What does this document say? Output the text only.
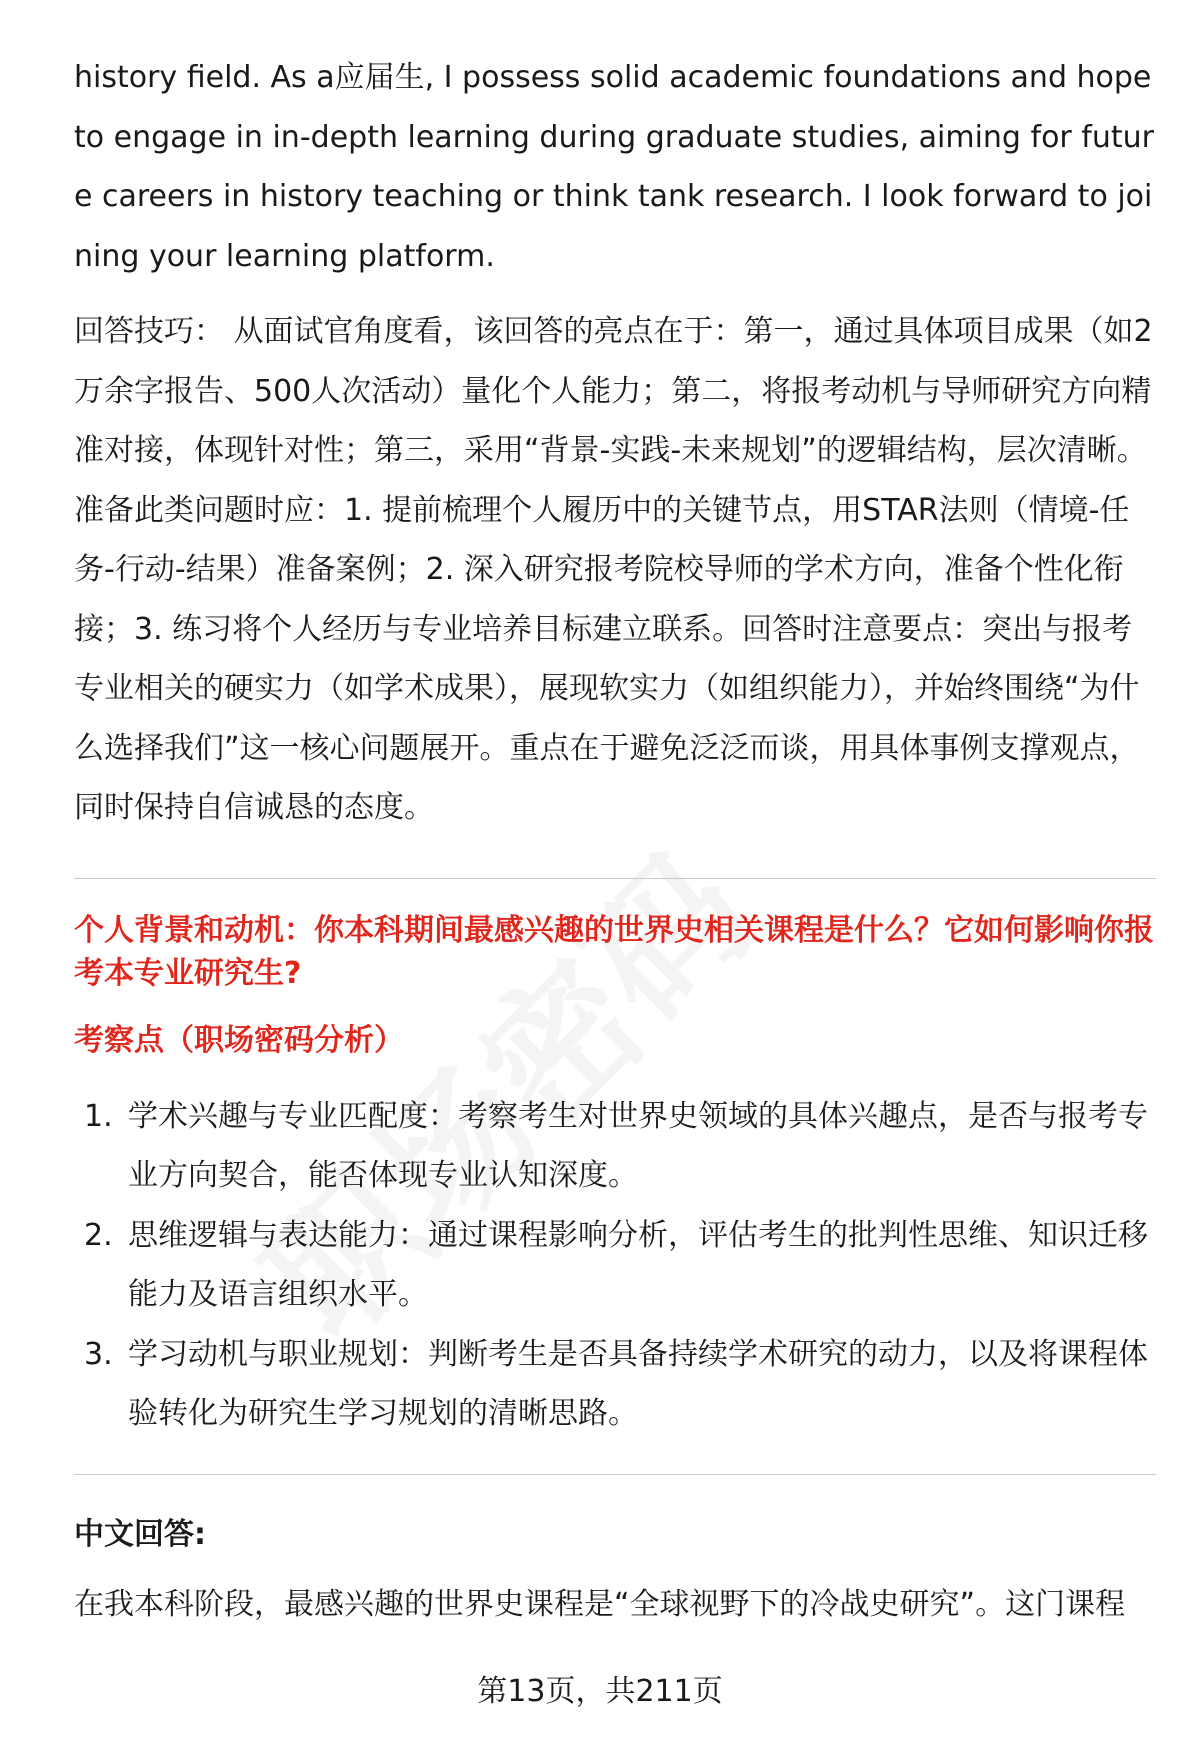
history field. As a应届生, I possess solid academic foundations and hope to engage in in-depth learning during graduate studies, aiming for future careers in history teaching or think tank research. I look forward to joining your learning platform.

回答技巧： 从面试官角度看，该回答的亮点在于：第一，通过具体项目成果（如2万余字报告、500人次活动）量化个人能力；第二，将报考动机与导师研究方向精准对接，体现针对性；第三，采用“背景-实践-未来规划”的逻辑结构，层次清晰。准备此类问题时应：1. 提前梳理个人履历中的关键节点，用STAR法则（情境-任务-行动-结果）准备案例；2. 深入研究报考院校导师的学术方向，准备个性化衔接；3. 练习将个人经历与专业培养目标建立联系。回答时注意要点：突出与报考专业相关的硬实力（如学术成果），展现软实力（如组织能力），并始终围绕“为什么选择我们”这一核心问题展开。重点在于避免泛泛而谈，用具体事例支撑观点，同时保持自信诚恳的态度。

个人背景和动机：你本科期间最感兴趣的世界史相关课程是什么？它如何影响你报考本专业研究生?
考察点（职场密码分析）
1. 学术兴趣与专业匹配度：考察考生对世界史领域的具体兴趣点，是否与报考专业方向契合，能否体现专业认知深度。
2. 思维逻辑与表达能力：通过课程影响分析，评估考生的批判性思维、知识迁移能力及语言组织水平。
3. 学习动机与职业规划：判断考生是否具备持续学术研究的动力，以及将课程体验转化为研究生学习规划的清晰思路。
中文回答:

在我本科阶段，最感兴趣的世界史课程是“全球视野下的冷战史研究”。这门课程

第13页，共211页
